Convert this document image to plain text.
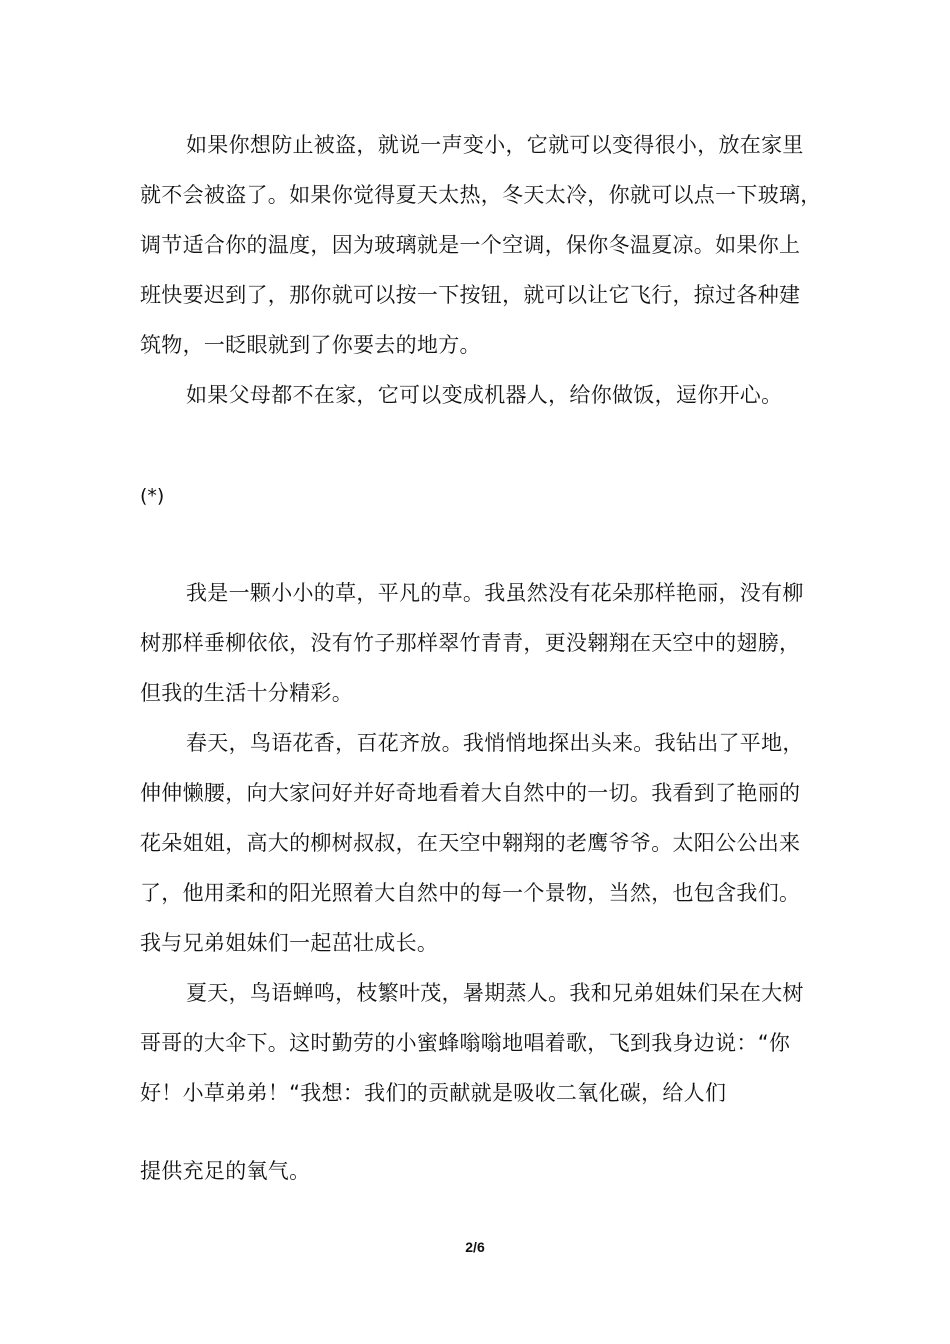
如果你想防止被盗，就说一声变小，它就可以变得很小，放在家里
就不会被盗了。如果你觉得夏天太热，冬天太冷，你就可以点一下玻璃，
调节适合你的温度，因为玻璃就是一个空调，保你冬温夏凉。如果你上
班快要迟到了，那你就可以按一下按钮，就可以让它飞行，掠过各种建
筑物，一眨眼就到了你要去的地方。
如果父母都不在家，它可以变成机器人，给你做饭，逗你开心。
(*)
我是一颗小小的草，平凡的草。我虽然没有花朵那样艳丽，没有柳
树那样垂柳依依，没有竹子那样翠竹青青，更没翱翔在天空中的翅膀，
但我的生活十分精彩。
春天，鸟语花香，百花齐放。我悄悄地探出头来。我钻出了平地，
伸伸懒腰，向大家问好并好奇地看着大自然中的一切。我看到了艳丽的
花朵姐姐，高大的柳树叔叔，在天空中翱翔的老鹰爷爷。太阳公公出来
了，他用柔和的阳光照着大自然中的每一个景物，当然，也包含我们。
我与兄弟姐妹们一起茁壮成长。
夏天，鸟语蝉鸣，枝繁叶茂，暑期蒸人。我和兄弟姐妹们呆在大树
哥哥的大伞下。这时勤劳的小蜜蜂嗡嗡地唱着歌，飞到我身边说：“你
好！小草弟弟！“我想：我们的贡献就是吸收二氧化碳，给人们
提供充足的氧气。
2/6
